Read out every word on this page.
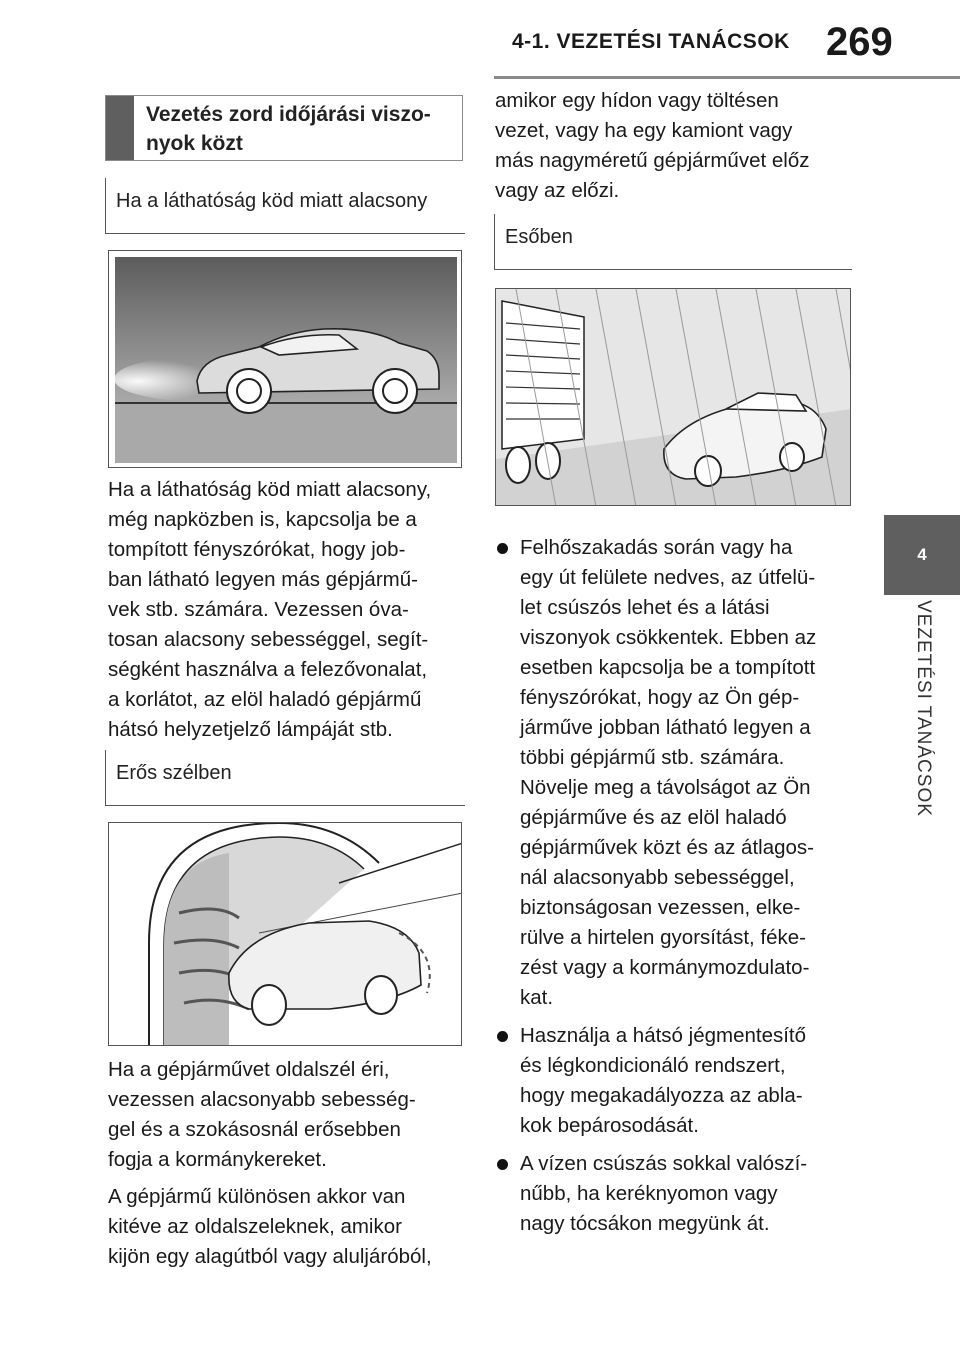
4-1. VEZETÉSI TANÁCSOK 269
4
VEZETÉSI TANÁCSOK
Vezetés zord időjárási viszo-
nyok közt
Ha a láthatóság köd miatt alacsony

Ha a láthatóság köd miatt alacsony,
még napközben is, kapcsolja be a
tompított fényszórókat, hogy job-
ban látható legyen más gépjármű-
vek stb. számára. Vezessen óva-
tosan alacsony sebességgel, segít-
ségként használva a felezővonalat,
a korlátot, az elöl haladó gépjármű
hátsó helyzetjelző lámpáját stb.

Erős szélben

Ha a gépjárművet oldalszél éri,
vezessen alacsonyabb sebesség-
gel és a szokásosnál erősebben
fogja a kormánykereket.

A gépjármű különösen akkor van
kitéve az oldalszeleknek, amikor
kijön egy alagútból vagy aluljáróból,

amikor egy hídon vagy töltésen
vezet, vagy ha egy kamiont vagy
más nagyméretű gépjárművet előz
vagy az előzi.

Esőben
Felhőszakadás során vagy ha
egy út felülete nedves, az útfelü-
let csúszós lehet és a látási
viszonyok csökkentek. Ebben az
esetben kapcsolja be a tompított
fényszórókat, hogy az Ön gép-
járműve jobban látható legyen a
többi gépjármű stb. számára.
Növelje meg a távolságot az Ön
gépjárműve és az elöl haladó
gépjárművek közt és az átlagos-
nál alacsonyabb sebességgel,
biztonságosan vezessen, elke-
rülve a hirtelen gyorsítást, féke-
zést vagy a kormánymozdulato-
kat.
Használja a hátsó jégmentesítő
és légkondicionáló rendszert,
hogy megakadályozza az abla-
kok bepárosodását.
A vízen csúszás sokkal valószí-
nűbb, ha keréknyomon vagy
nagy tócsákon megyünk át.
